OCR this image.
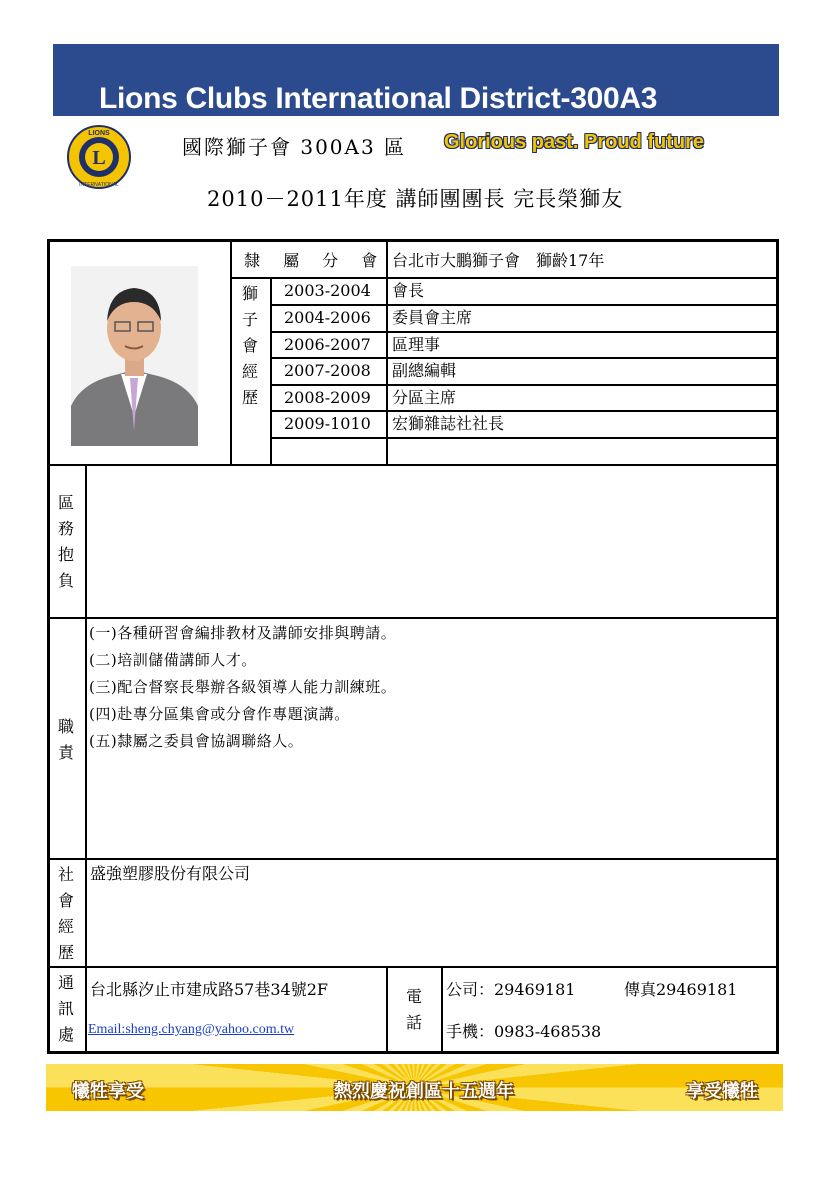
Lions Clubs International District-300A3
L
LIONS
INTERNATIONAL
國際獅子會 300A3 區 Glorious past. Proud future
2010－2011年度 講師團團長 完長榮獅友
隸 屬 分 會 台北市大鵬獅子會　獅齡17年
獅
子
會
經
歷
2003-2004 會長
2004-2006 委員會主席
2006-2007 區理事
2007-2008 副總編輯
2008-2009 分區主席
2009-1010 宏獅雜誌社社長
區
務
抱
負
職
責
(一)各種研習會編排教材及講師安排與聘請。
(二)培訓儲備講師人才。
(三)配合督察長舉辦各級領導人能力訓練班。
(四)赴專分區集會或分會作專題演講。
(五)隸屬之委員會協調聯絡人。
社
會
經
歷
盛強塑膠股份有限公司
通
訊
處
台北縣汐止市建成路57巷34號2F
Email:sheng.chyang@yahoo.com.tw
電
話
公司：29469181	傳真29469181
手機：0983-468538
犧牲享受	熱烈慶祝創區十五週年	享受犧牲
